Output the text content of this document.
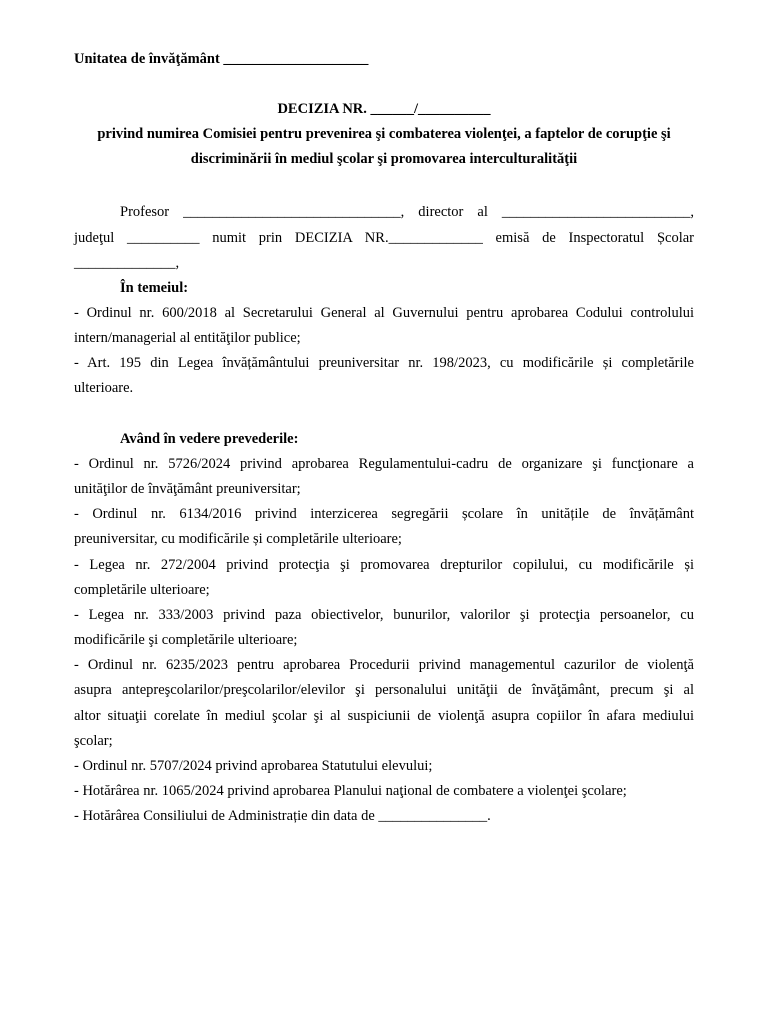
Unitatea de învăţământ ____________________
DECIZIA NR. ______/__________
privind numirea Comisiei pentru prevenirea şi combaterea violenţei, a faptelor de corupţie şi
discriminării în mediul şcolar şi promovarea interculturalităţii
Profesor ______________________________, director al __________________________,
judeţul __________ numit prin DECIZIA NR._____________ emisă de Inspectoratul Școlar
______________,
În temeiul:
- Ordinul nr. 600/2018 al Secretarului General al Guvernului pentru aprobarea Codului controlului
intern/managerial al entităţilor publice;
- Art. 195 din Legea învățământului preuniversitar nr. 198/2023, cu modificările și completările
ulterioare.
Având în vedere prevederile:
- Ordinul nr. 5726/2024 privind aprobarea Regulamentului-cadru de organizare şi funcţionare a
unităţilor de învăţământ preuniversitar;
- Ordinul nr. 6134/2016 privind interzicerea segregării școlare în unitățile de învățământ
preuniversitar, cu modificările și completările ulterioare;
- Legea nr. 272/2004 privind protecţia şi promovarea drepturilor copilului, cu modificările și
completările ulterioare;
- Legea nr. 333/2003 privind paza obiectivelor, bunurilor, valorilor şi protecţia persoanelor, cu
modificările şi completările ulterioare;
- Ordinul nr. 6235/2023 pentru aprobarea Procedurii privind managementul cazurilor de violenţă
asupra antepreşcolarilor/preşcolarilor/elevilor şi personalului unităţii de învăţământ, precum şi al
altor situaţii corelate în mediul şcolar şi al suspiciunii de violenţă asupra copiilor în afara mediului
şcolar;
- Ordinul nr. 5707/2024 privind aprobarea Statutului elevului;
- Hotărârea nr. 1065/2024 privind aprobarea Planului naţional de combatere a violenţei şcolare;
- Hotărârea Consiliului de Administrație din data de _______________.
